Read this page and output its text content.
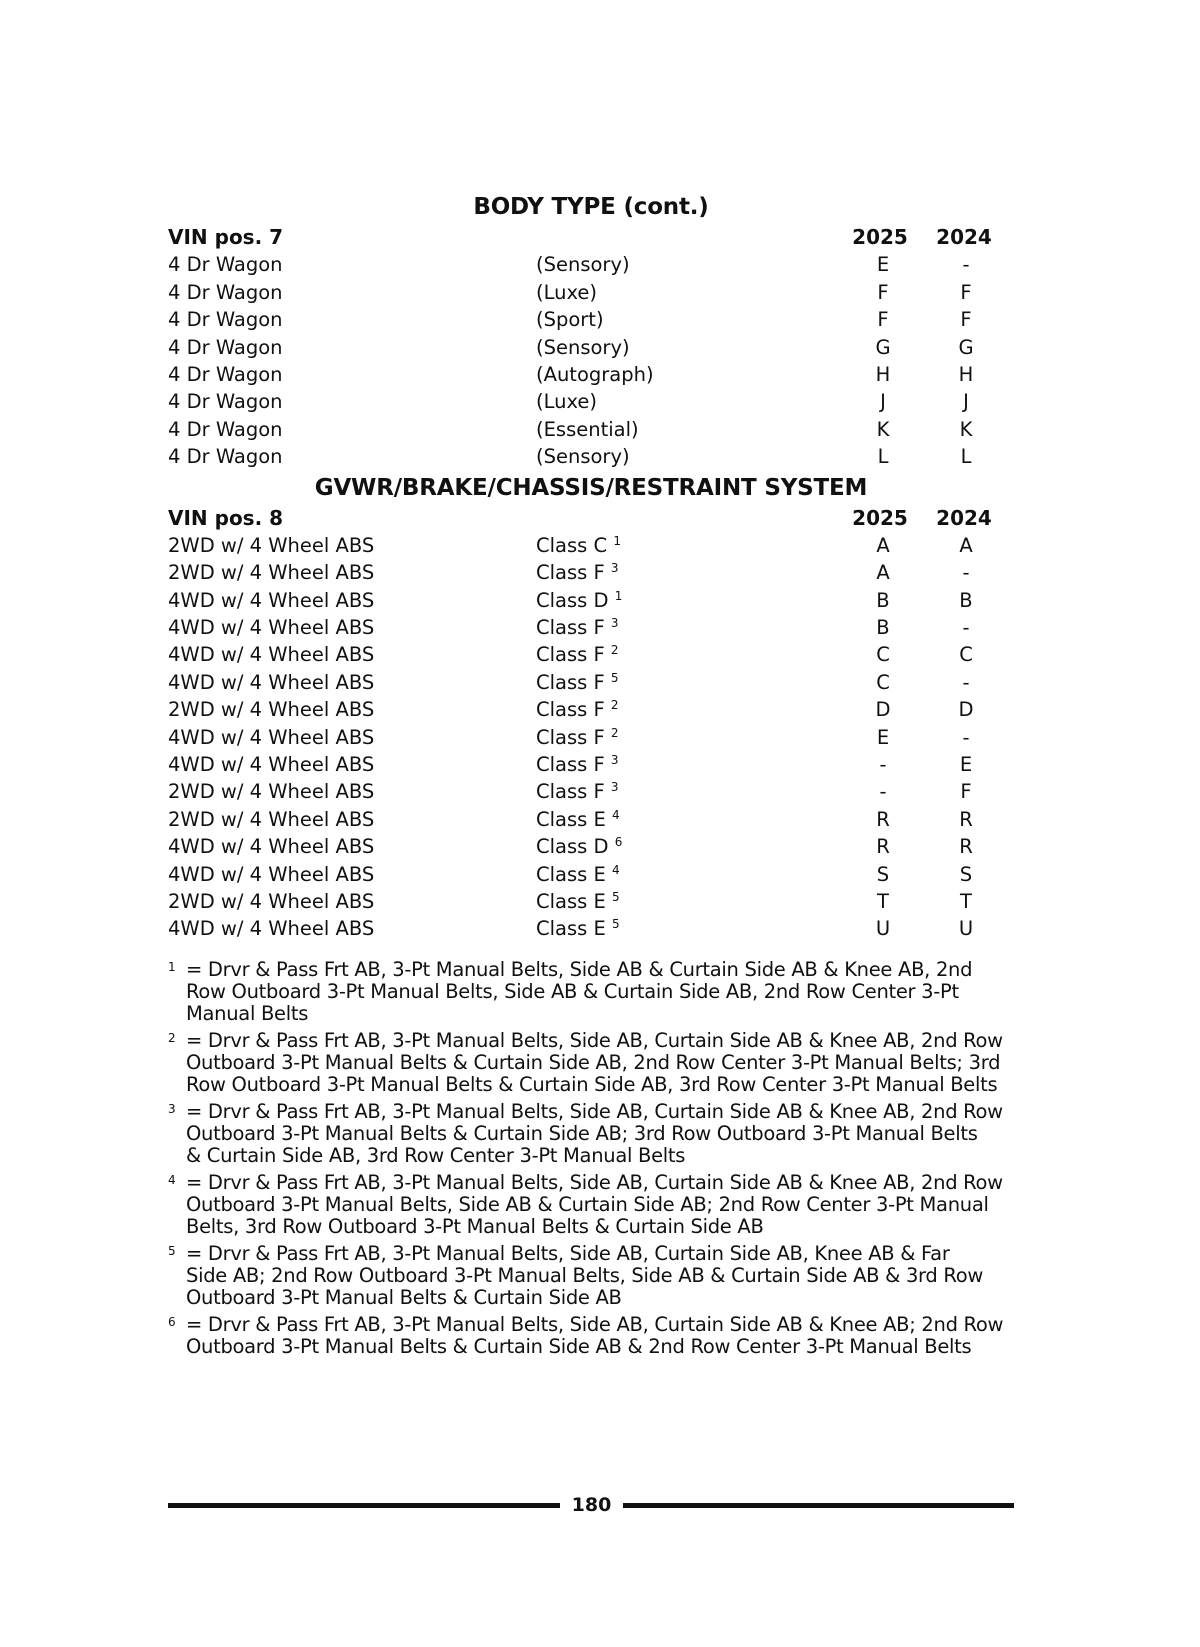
BODY TYPE (cont.)
VIN pos. 7	2025 2024
4 Dr Wagon	(Sensory)	E	-
4 Dr Wagon	(Luxe)	F	F
4 Dr Wagon	(Sport)	F	F
4 Dr Wagon	(Sensory)	G	G
4 Dr Wagon	(Autograph)	H	H
4 Dr Wagon	(Luxe)	J	J
4 Dr Wagon	(Essential)	K	K
4 Dr Wagon	(Sensory)	L	L
GVWR/BRAKE/CHASSIS/RESTRAINT SYSTEM
VIN pos. 8	2025 2024
2WD w/ 4 Wheel ABS	Class C $^1$	A	A
2WD w/ 4 Wheel ABS	Class F $^3$	A	-
4WD w/ 4 Wheel ABS	Class D $^1$	B	B
4WD w/ 4 Wheel ABS	Class F $^3$	B	-
4WD w/ 4 Wheel ABS	Class F $^2$	C	C
4WD w/ 4 Wheel ABS	Class F $^5$	C	-
2WD w/ 4 Wheel ABS	Class F $^2$	D	D
4WD w/ 4 Wheel ABS	Class F $^2$	E	-
4WD w/ 4 Wheel ABS	Class F $^3$	-	E
2WD w/ 4 Wheel ABS	Class F $^3$	-	F
2WD w/ 4 Wheel ABS	Class E $^4$	R	R
4WD w/ 4 Wheel ABS	Class D $^6$	R	R
4WD w/ 4 Wheel ABS	Class E $^4$	S	S
2WD w/ 4 Wheel ABS	Class E $^5$	T	T
4WD w/ 4 Wheel ABS	Class E $^5$	U	U
1 = Drvr & Pass Frt AB, 3-Pt Manual Belts, Side AB & Curtain Side AB & Knee AB, 2nd
Row Outboard 3-Pt Manual Belts, Side AB & Curtain Side AB, 2nd Row Center 3-Pt
Manual Belts
2 = Drvr & Pass Frt AB, 3-Pt Manual Belts, Side AB, Curtain Side AB & Knee AB, 2nd Row
Outboard 3-Pt Manual Belts & Curtain Side AB, 2nd Row Center 3-Pt Manual Belts; 3rd
Row Outboard 3-Pt Manual Belts & Curtain Side AB, 3rd Row Center 3-Pt Manual Belts
3 = Drvr & Pass Frt AB, 3-Pt Manual Belts, Side AB, Curtain Side AB & Knee AB, 2nd Row
Outboard 3-Pt Manual Belts & Curtain Side AB; 3rd Row Outboard 3-Pt Manual Belts
& Curtain Side AB, 3rd Row Center 3-Pt Manual Belts
4 = Drvr & Pass Frt AB, 3-Pt Manual Belts, Side AB, Curtain Side AB & Knee AB, 2nd Row
Outboard 3-Pt Manual Belts, Side AB & Curtain Side AB; 2nd Row Center 3-Pt Manual
Belts, 3rd Row Outboard 3-Pt Manual Belts & Curtain Side AB
5 = Drvr & Pass Frt AB, 3-Pt Manual Belts, Side AB, Curtain Side AB, Knee AB & Far
Side AB; 2nd Row Outboard 3-Pt Manual Belts, Side AB & Curtain Side AB & 3rd Row
Outboard 3-Pt Manual Belts & Curtain Side AB
6 = Drvr & Pass Frt AB, 3-Pt Manual Belts, Side AB, Curtain Side AB & Knee AB; 2nd Row
Outboard 3-Pt Manual Belts & Curtain Side AB & 2nd Row Center 3-Pt Manual Belts
180
